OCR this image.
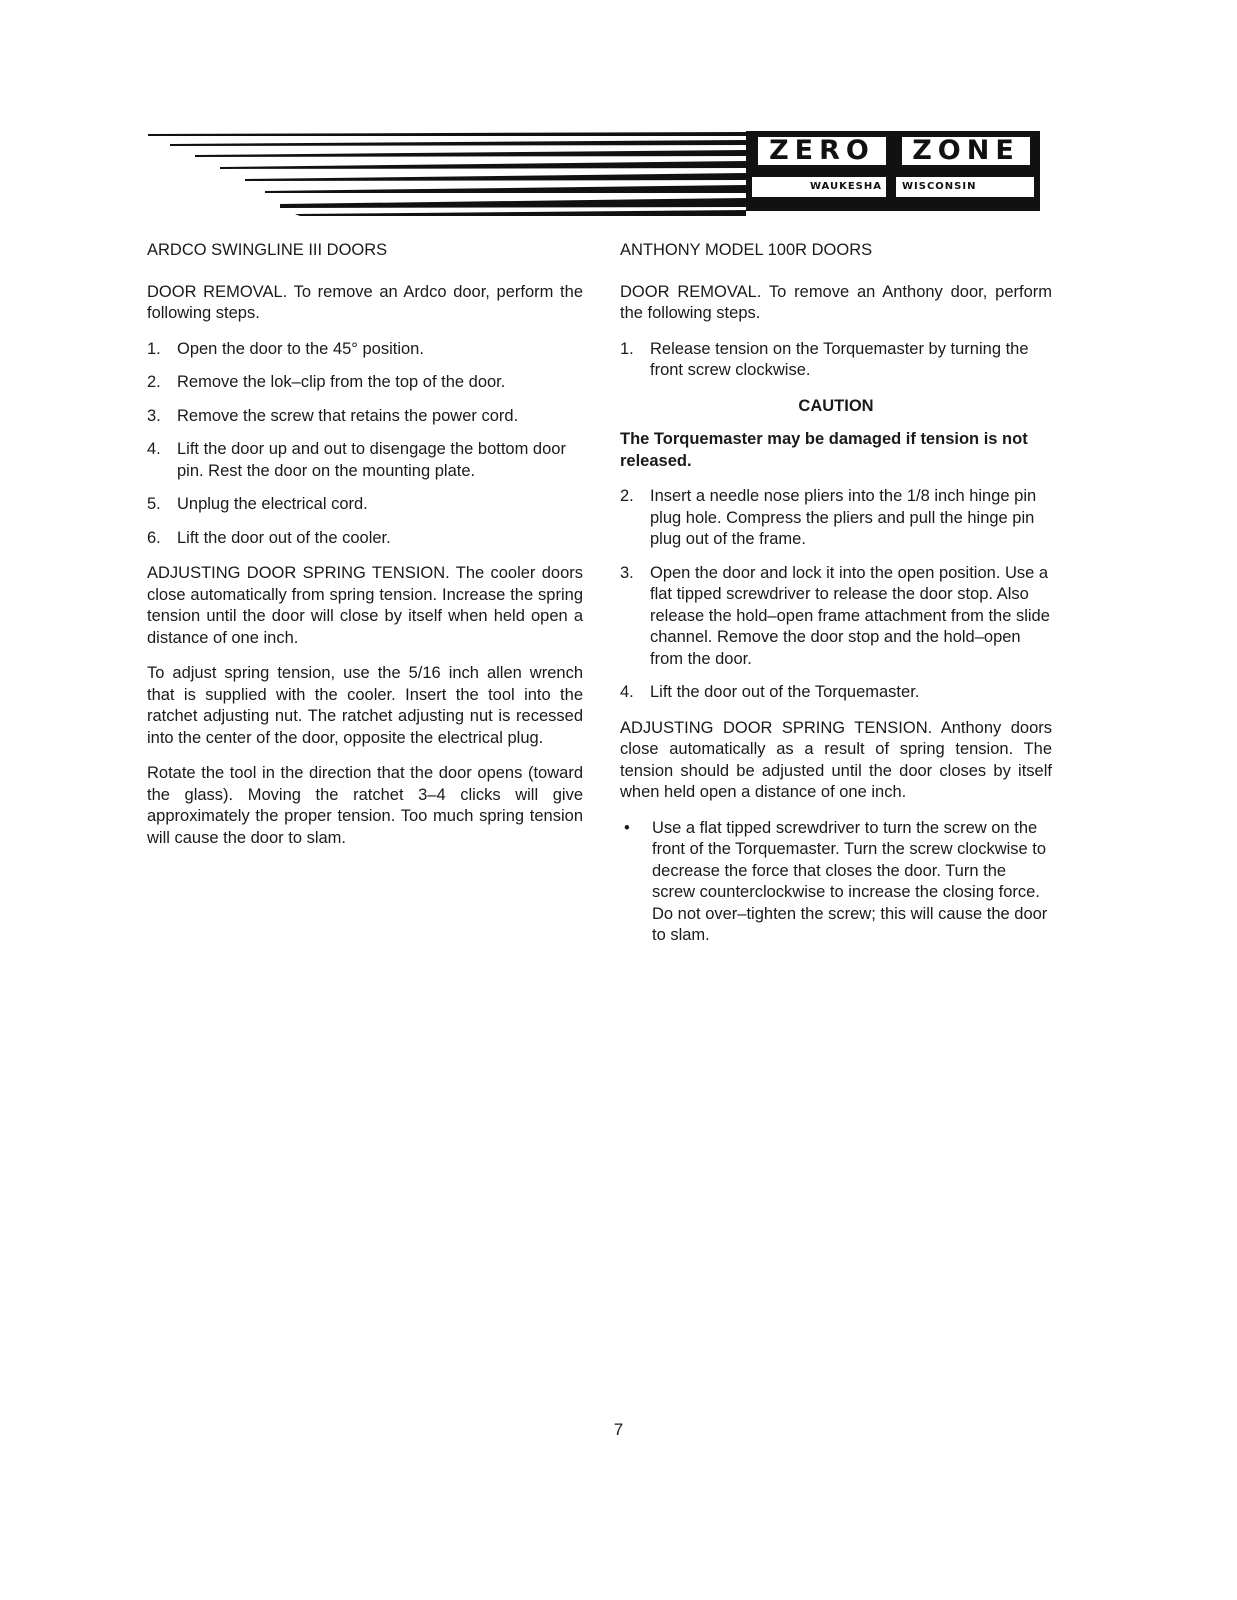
ZERO	ZONE
WAUKESHA	WISCONSIN
ARDCO SWINGLINE III DOORS

DOOR REMOVAL. To remove an Ardco door, perform the following steps.

1. Open the door to the 45° position.
2. Remove the lok–clip from the top of the door.
3. Remove the screw that retains the power cord.
4. Lift the door up and out to disengage the bottom door pin. Rest the door on the mounting plate.
5. Unplug the electrical cord.
6. Lift the door out of the cooler.

ADJUSTING DOOR SPRING TENSION. The cooler doors close automatically from spring tension. Increase the spring tension until the door will close by itself when held open a distance of one inch.

To adjust spring tension, use the 5/16 inch allen wrench that is supplied with the cooler. Insert the tool into the ratchet adjusting nut. The ratchet adjusting nut is recessed into the center of the door, opposite the electrical plug.

Rotate the tool in the direction that the door opens (toward the glass). Moving the ratchet 3–4 clicks will give approximately the proper tension. Too much spring tension will cause the door to slam.

ANTHONY MODEL 100R DOORS

DOOR REMOVAL. To remove an Anthony door, perform the following steps.

1. Release tension on the Torquemaster by turning the front screw clockwise.
CAUTION
The Torquemaster may be damaged if tension is not released.
2. Insert a needle nose pliers into the 1/8 inch hinge pin plug hole. Compress the pliers and pull the hinge pin plug out of the frame.
3. Open the door and lock it into the open position. Use a flat tipped screwdriver to release the door stop. Also release the hold–open frame attachment from the slide channel. Remove the door stop and the hold–open from the door.
4. Lift the door out of the Torquemaster.

ADJUSTING DOOR SPRING TENSION. Anthony doors close automatically as a result of spring tension. The tension should be adjusted until the door closes by itself when held open a distance of one inch.

• Use a flat tipped screwdriver to turn the screw on the front of the Torquemaster. Turn the screw clockwise to decrease the force that closes the door. Turn the screw counterclockwise to increase the closing force. Do not over–tighten the screw; this will cause the door to slam.
7
